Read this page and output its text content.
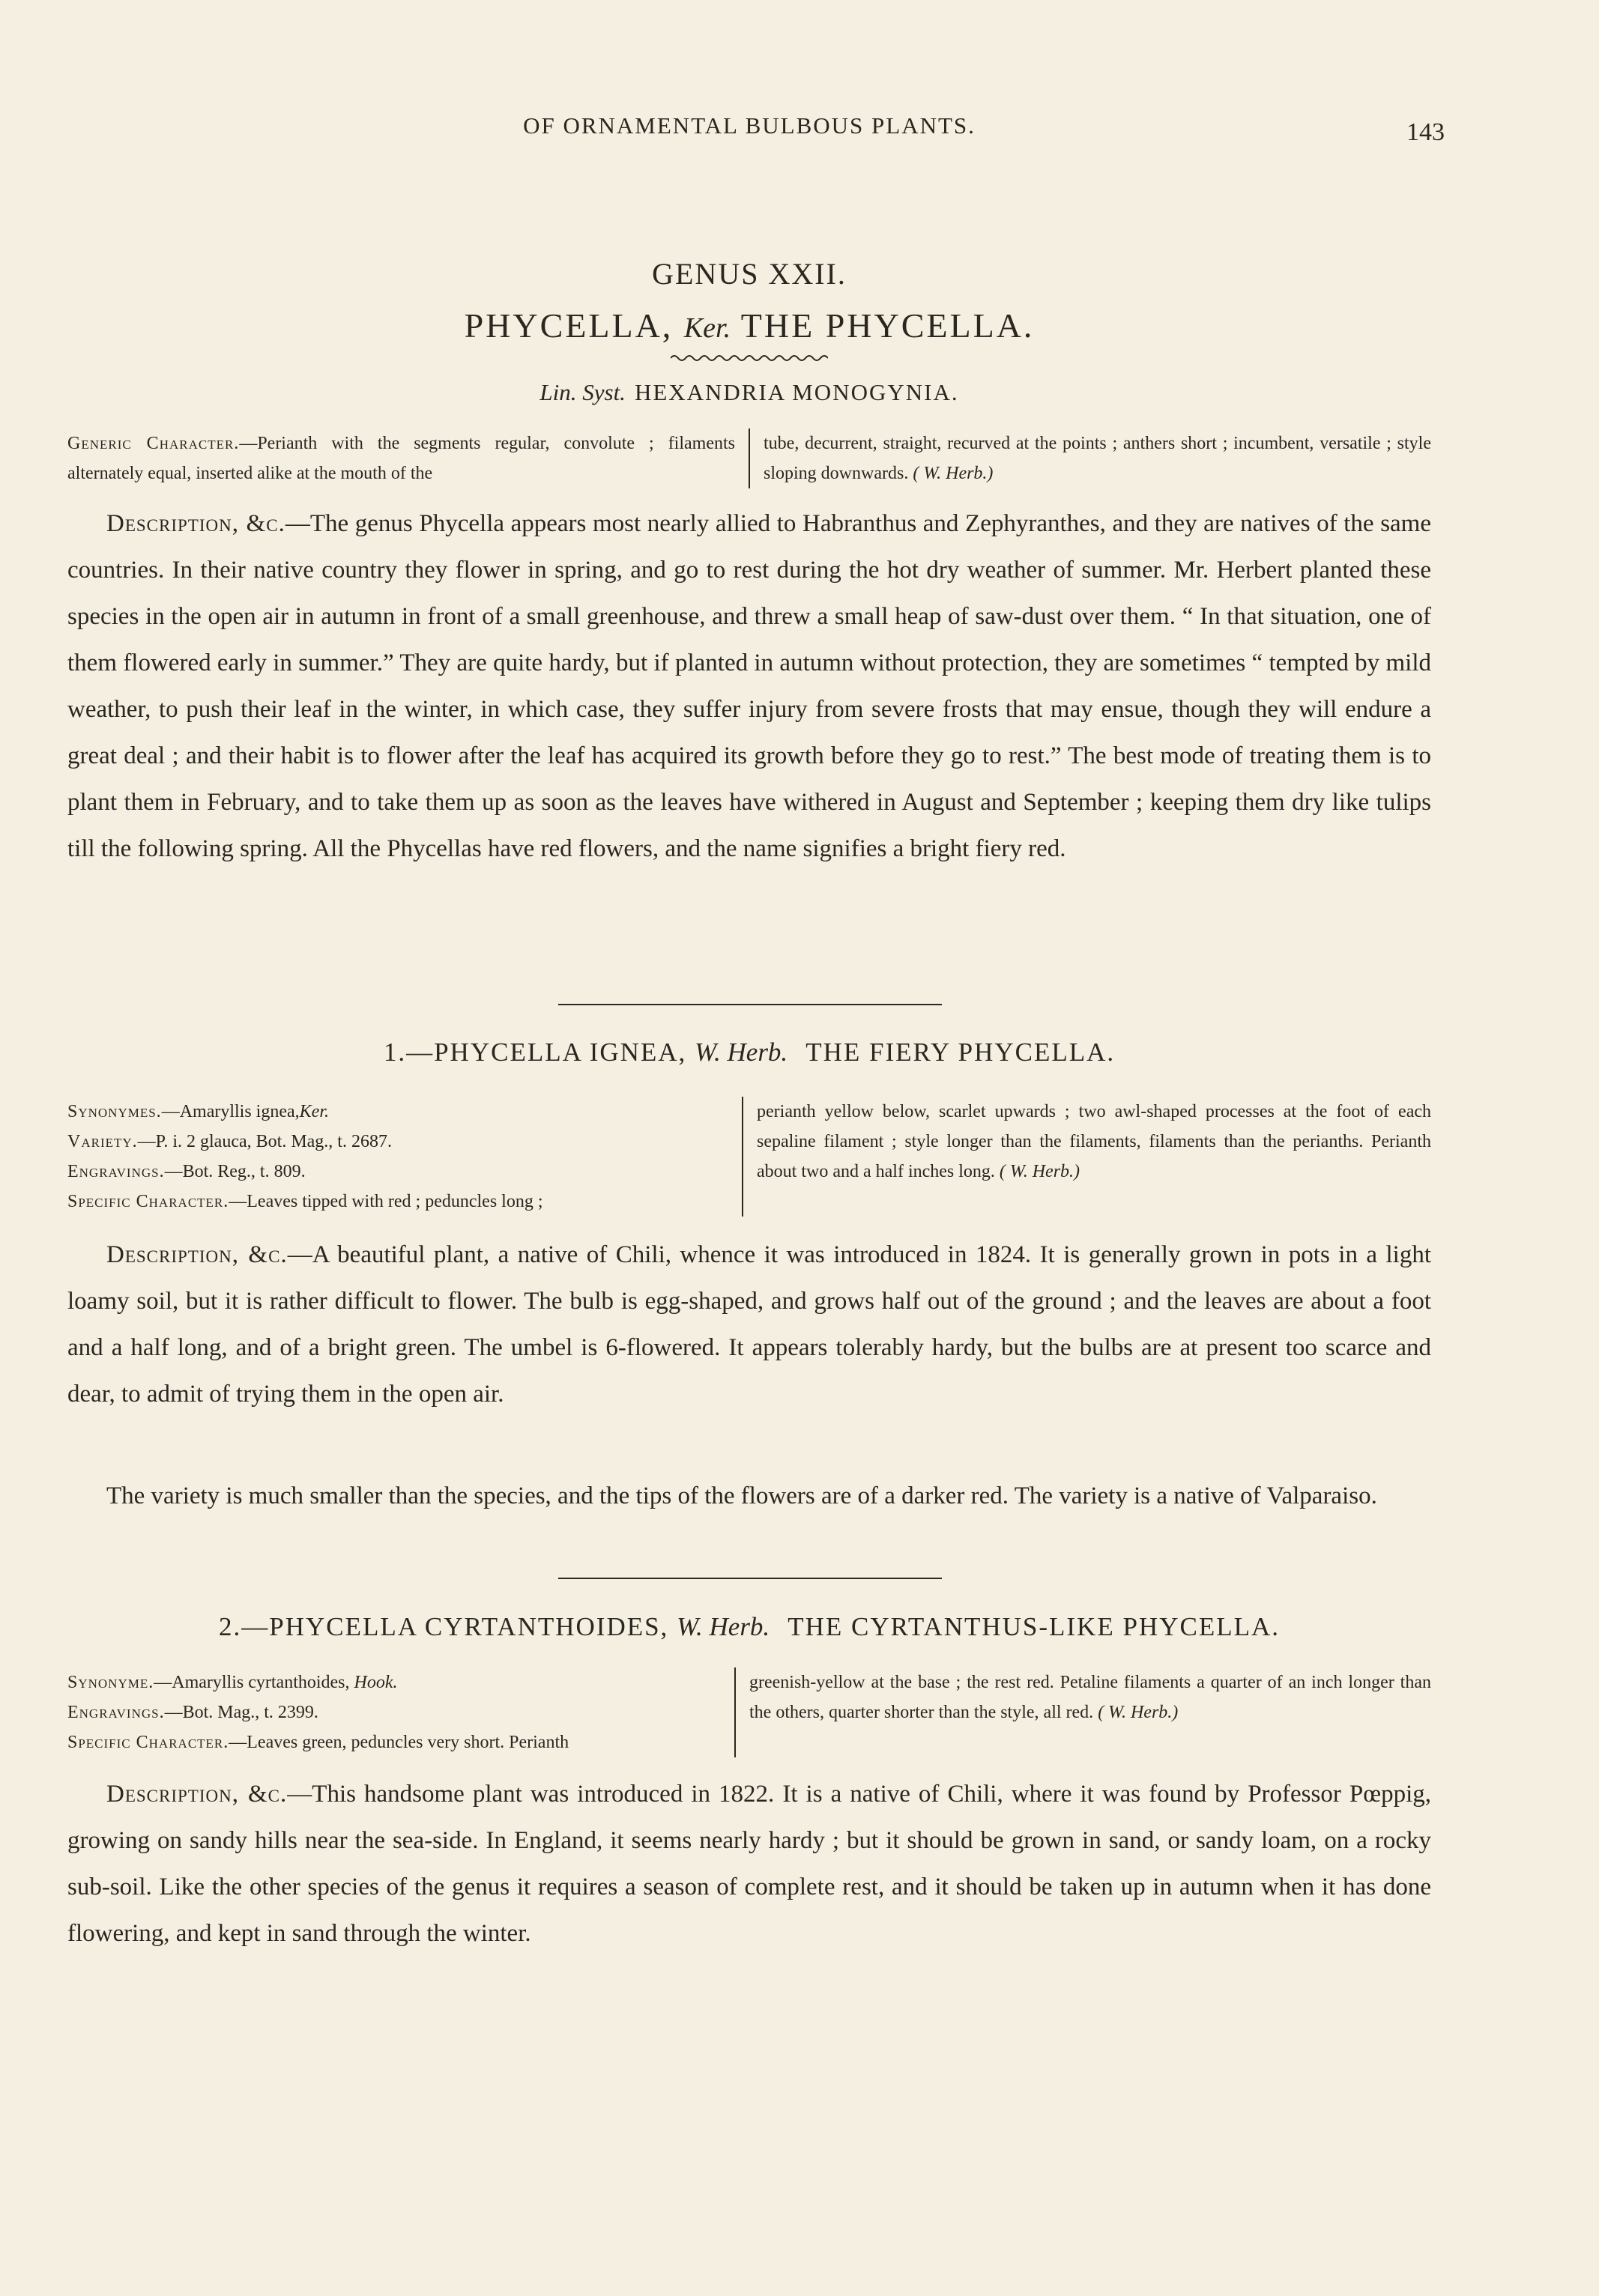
OF ORNAMENTAL BULBOUS PLANTS.	143
GENUS XXII.
PHYCELLA, Ker. THE PHYCELLA.
Lin. Syst. HEXANDRIA MONOGYNIA.
Generic Character.—Perianth with the segments regular, convolute ; filaments alternately equal, inserted alike at the mouth of the
tube, decurrent, straight, recurved at the points ; anthers short ; incumbent, versatile ; style sloping downwards. ( W. Herb.)

Description, &c.—The genus Phycella appears most nearly allied to Habranthus and Zephyranthes, and they are natives of the same countries. In their native country they flower in spring, and go to rest during the hot dry weather of summer. Mr. Herbert planted these species in the open air in autumn in front of a small greenhouse, and threw a small heap of saw-dust over them. “ In that situation, one of them flowered early in summer.” They are quite hardy, but if planted in autumn without protection, they are sometimes “ tempted by mild weather, to push their leaf in the winter, in which case, they suffer injury from severe frosts that may ensue, though they will endure a great deal ; and their habit is to flower after the leaf has acquired its growth before they go to rest.” The best mode of treating them is to plant them in February, and to take them up as soon as the leaves have withered in August and September ; keeping them dry like tulips till the following spring. All the Phycellas have red flowers, and the name signifies a bright fiery red.

1.—PHYCELLA IGNEA, W. Herb. THE FIERY PHYCELLA.
Synonymes.—Amaryllis ignea,Ker.
Variety.—P. i. 2 glauca, Bot. Mag., t. 2687.
Engravings.—Bot. Reg., t. 809.
Specific Character.—Leaves tipped with red ; peduncles long ;
perianth yellow below, scarlet upwards ; two awl-shaped processes at the foot of each sepaline filament ; style longer than the filaments, filaments than the perianths. Perianth about two and a half inches long. ( W. Herb.)

Description, &c.—A beautiful plant, a native of Chili, whence it was introduced in 1824. It is generally grown in pots in a light loamy soil, but it is rather difficult to flower. The bulb is egg-shaped, and grows half out of the ground ; and the leaves are about a foot and a half long, and of a bright green. The umbel is 6-flowered. It appears tolerably hardy, but the bulbs are at present too scarce and dear, to admit of trying them in the open air.

The variety is much smaller than the species, and the tips of the flowers are of a darker red. The variety is a native of Valparaiso.

2.—PHYCELLA CYRTANTHOIDES, W. Herb. THE CYRTANTHUS-LIKE PHYCELLA.
Synonyme.—Amaryllis cyrtanthoides, Hook.
Engravings.—Bot. Mag., t. 2399.
Specific Character.—Leaves green, peduncles very short. Perianth
greenish-yellow at the base ; the rest red. Petaline filaments a quarter of an inch longer than the others, quarter shorter than the style, all red. ( W. Herb.)

Description, &c.—This handsome plant was introduced in 1822. It is a native of Chili, where it was found by Professor Pœppig, growing on sandy hills near the sea-side. In England, it seems nearly hardy ; but it should be grown in sand, or sandy loam, on a rocky sub-soil. Like the other species of the genus it requires a season of complete rest, and it should be taken up in autumn when it has done flowering, and kept in sand through the winter.
